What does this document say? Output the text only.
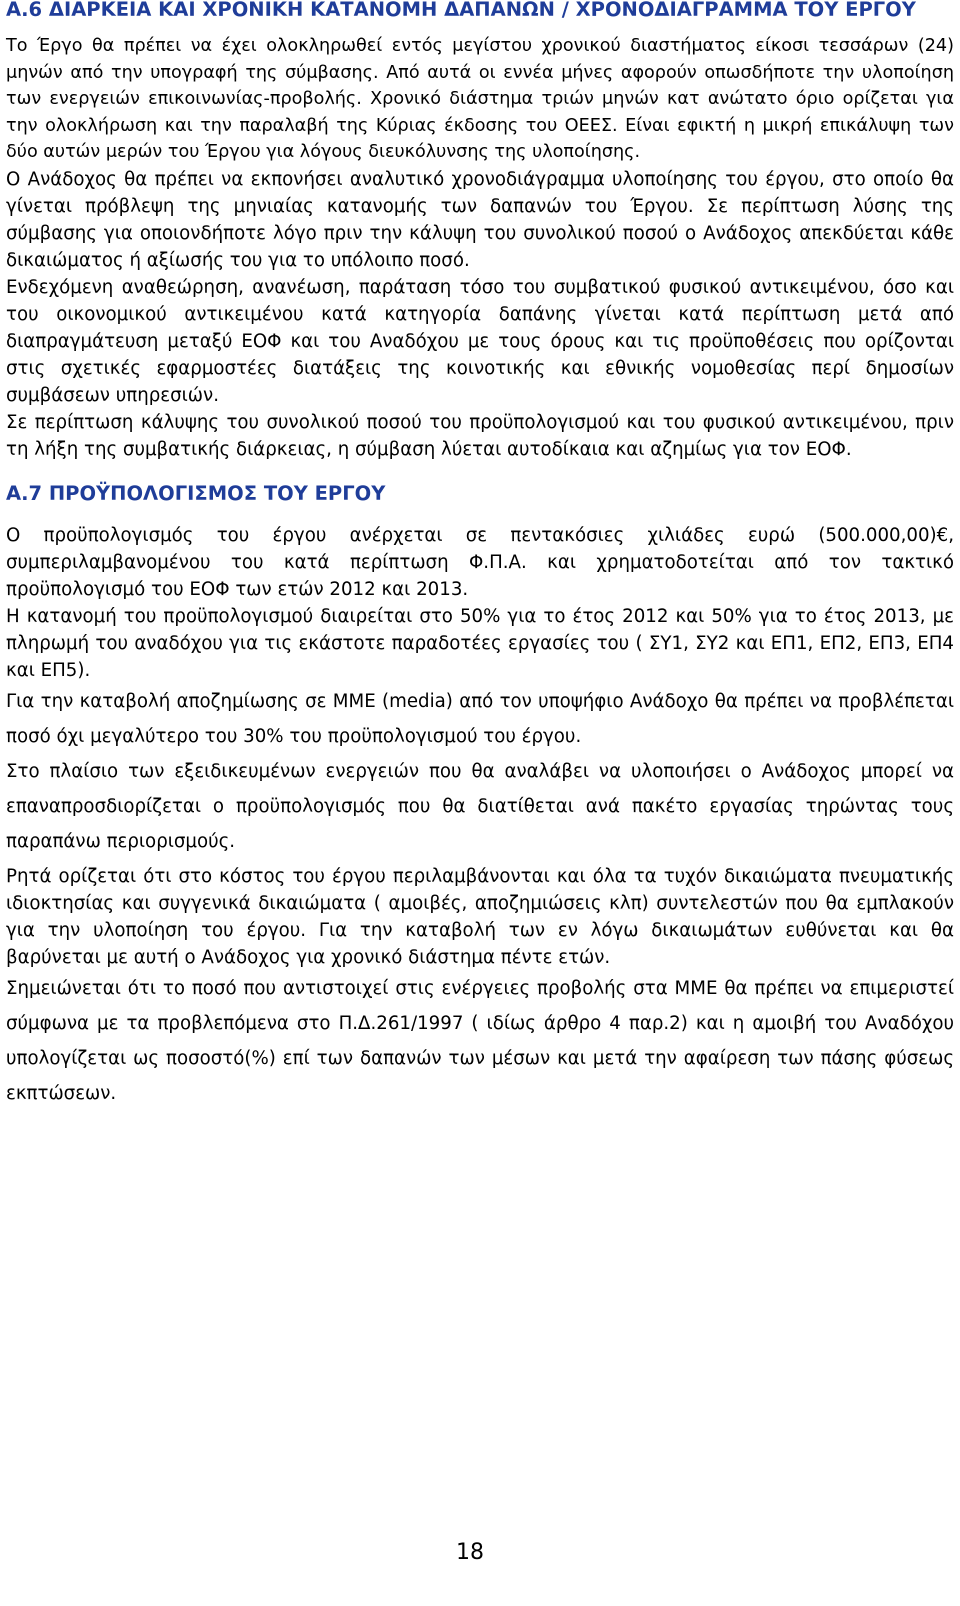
Α.6 ΔΙΑΡΚΕΙΑ ΚΑΙ ΧΡΟΝΙΚΗ ΚΑΤΑΝΟΜΗ ΔΑΠΑΝΩΝ / ΧΡΟΝΟΔΙΑΓΡΑΜΜΑ ΤΟΥ ΕΡΓΟΥ

Το Έργο θα πρέπει να έχει ολοκληρωθεί εντός μεγίστου χρονικού διαστήματος είκοσι τεσσάρων (24) μηνών από την υπογραφή της σύμβασης. Από αυτά οι εννέα μήνες αφορούν οπωσδήποτε την υλοποίηση των ενεργειών επικοινωνίας-προβολής. Χρονικό διάστημα τριών μηνών κατ ανώτατο όριο ορίζεται για την ολοκλήρωση και την παραλαβή της Κύριας έκδοσης του ΟΕΕΣ. Είναι εφικτή η μικρή επικάλυψη των δύο αυτών μερών του Έργου για λόγους διευκόλυνσης της υλοποίησης.

Ο Ανάδοχος θα πρέπει να εκπονήσει αναλυτικό χρονοδιάγραμμα υλοποίησης του έργου, στο οποίο θα γίνεται πρόβλεψη της μηνιαίας κατανομής των δαπανών του Έργου. Σε περίπτωση λύσης της σύμβασης για οποιονδήποτε λόγο πριν την κάλυψη του συνολικού ποσού ο Ανάδοχος απεκδύεται κάθε δικαιώματος ή αξίωσής του για το υπόλοιπο ποσό.

Ενδεχόμενη αναθεώρηση, ανανέωση, παράταση τόσο του συμβατικού φυσικού αντικειμένου, όσο και του οικονομικού αντικειμένου κατά κατηγορία δαπάνης γίνεται κατά περίπτωση μετά από διαπραγμάτευση μεταξύ ΕΟΦ και του Αναδόχου με τους όρους και τις προϋποθέσεις που ορίζονται στις σχετικές εφαρμοστέες διατάξεις της κοινοτικής και εθνικής νομοθεσίας περί δημοσίων συμβάσεων υπηρεσιών.

Σε περίπτωση κάλυψης του συνολικού ποσού του προϋπολογισμού και του φυσικού αντικειμένου, πριν τη λήξη της συμβατικής διάρκειας, η σύμβαση λύεται αυτοδίκαια και αζημίως για τον ΕΟΦ.

Α.7 ΠΡΟΫΠΟΛΟΓΙΣΜΟΣ ΤΟΥ ΕΡΓΟΥ

Ο προϋπολογισμός του έργου ανέρχεται σε πεντακόσιες χιλιάδες ευρώ (500.000,00)€, συμπεριλαμβανομένου του κατά περίπτωση Φ.Π.Α. και χρηματοδοτείται από τον τακτικό προϋπολογισμό του ΕΟΦ των ετών 2012 και 2013.

Η κατανομή του προϋπολογισμού διαιρείται στο 50% για το έτος 2012 και 50% για το έτος 2013, με πληρωμή του αναδόχου για τις εκάστοτε παραδοτέες εργασίες του ( ΣΥ1, ΣΥ2 και ΕΠ1, ΕΠ2, ΕΠ3, ΕΠ4 και ΕΠ5).

Για την καταβολή αποζημίωσης σε ΜΜΕ (media) από τον υποψήφιο Ανάδοχο θα πρέπει να προβλέπεται ποσό όχι μεγαλύτερο του 30% του προϋπολογισμού του έργου.

Στο πλαίσιο των εξειδικευμένων ενεργειών που θα αναλάβει να υλοποιήσει ο Ανάδοχος μπορεί να επαναπροσδιορίζεται ο προϋπολογισμός που θα διατίθεται ανά πακέτο εργασίας τηρώντας τους παραπάνω περιορισμούς.

Ρητά ορίζεται ότι στο κόστος του έργου περιλαμβάνονται και όλα τα τυχόν δικαιώματα πνευματικής ιδιοκτησίας και συγγενικά δικαιώματα ( αμοιβές, αποζημιώσεις κλπ) συντελεστών που θα εμπλακούν για την υλοποίηση του έργου. Για την καταβολή των εν λόγω δικαιωμάτων ευθύνεται και θα βαρύνεται με αυτή ο Ανάδοχος για χρονικό διάστημα πέντε ετών.

Σημειώνεται ότι το ποσό που αντιστοιχεί στις ενέργειες προβολής στα ΜΜΕ θα πρέπει να επιμεριστεί σύμφωνα με τα προβλεπόμενα στο Π.Δ.261/1997 ( ιδίως άρθρο 4 παρ.2) και η αμοιβή του Αναδόχου υπολογίζεται ως ποσοστό(%) επί των δαπανών των μέσων και μετά την αφαίρεση των πάσης φύσεως εκπτώσεων.

18
